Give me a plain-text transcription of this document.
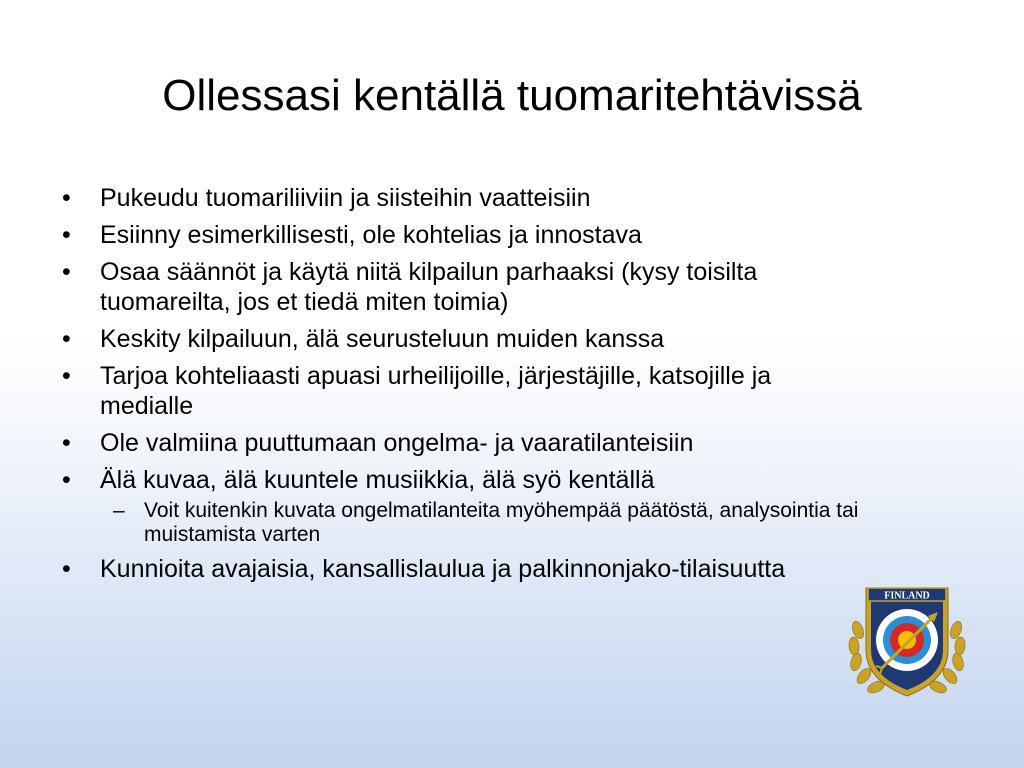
Ollessasi kentällä tuomaritehtävissä
•	Pukeudu tuomariliiviin ja siisteihin vaatteisiin
•	Esiinny esimerkillisesti, ole kohtelias ja innostava
•	Osaa säännöt ja käytä niitä kilpailun parhaaksi (kysy toisilta tuomareilta, jos et tiedä miten toimia)
•	Keskity kilpailuun, älä seurusteluun muiden kanssa
•	Tarjoa kohteliaasti apuasi urheilijoille, järjestäjille, katsojille ja medialle
•	Ole valmiina puuttumaan ongelma- ja vaaratilanteisiin
•	Älä kuvaa, älä kuuntele musiikkia, älä syö kentällä
– Voit kuitenkin kuvata ongelmatilanteita myöhempää päätöstä, analysointia tai muistamista varten
•	Kunnioita avajaisia, kansallislaulua ja palkinnonjako-tilaisuutta
FINLAND
